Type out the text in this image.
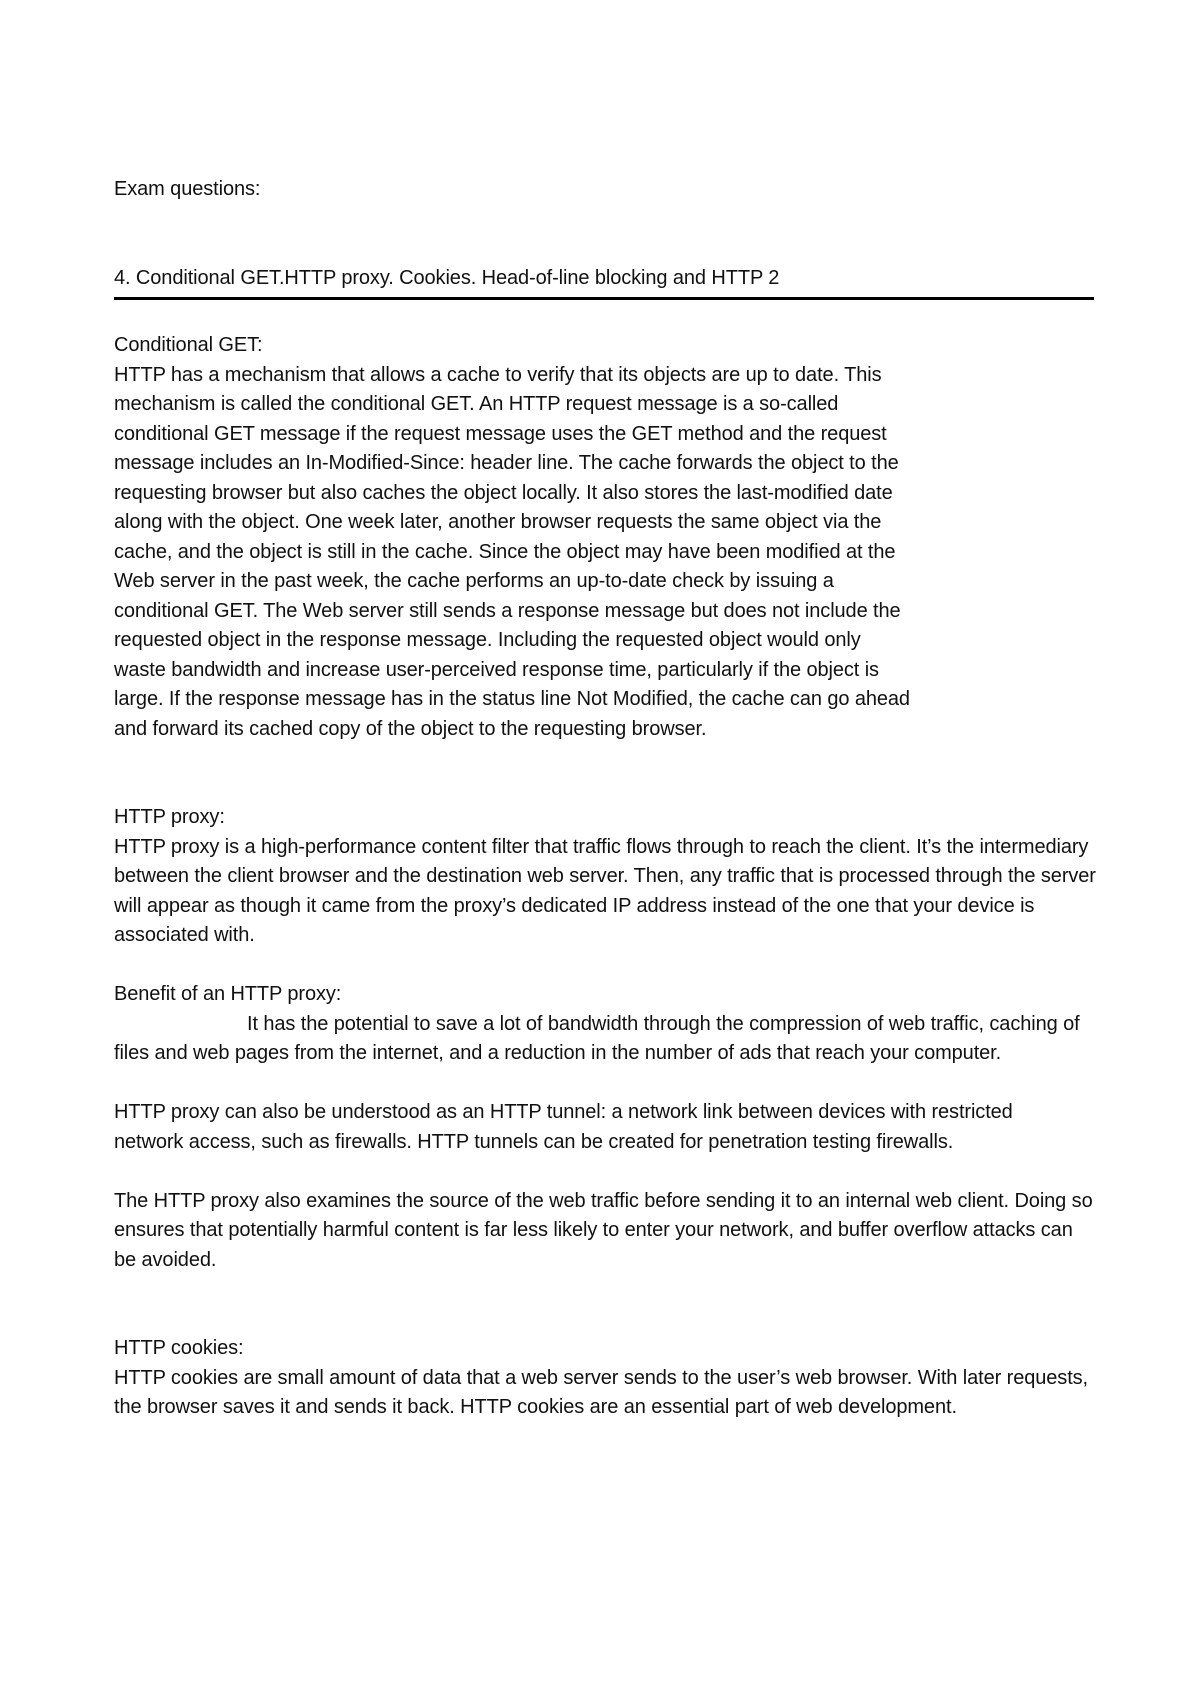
Exam questions:
4. Conditional GET.HTTP proxy. Cookies. Head-of-line blocking and HTTP 2

Conditional GET:

HTTP has a mechanism that allows a cache to verify that its objects are up to date. This mechanism is called the conditional GET. An HTTP request message is a so-called conditional GET message if the request message uses the GET method and the request message includes an In-Modified-Since: header line. The cache forwards the object to the requesting browser but also caches the object locally. It also stores the last-modified date along with the object. One week later, another browser requests the same object via the cache, and the object is still in the cache. Since the object may have been modified at the Web server in the past week, the cache performs an up-to-date check by issuing a conditional GET. The Web server still sends a response message but does not include the requested object in the response message. Including the requested object would only waste bandwidth and increase user-perceived response time, particularly if the object is large. If the response message has in the status line Not Modified, the cache can go ahead and forward its cached copy of the object to the requesting browser.

HTTP proxy:

HTTP proxy is a high-performance content filter that traffic flows through to reach the client. It’s the intermediary between the client browser and the destination web server. Then, any traffic that is processed through the server will appear as though it came from the proxy’s dedicated IP address instead of the one that your device is associated with.

Benefit of an HTTP proxy:

It has the potential to save a lot of bandwidth through the compression of web traffic, caching of files and web pages from the internet, and a reduction in the number of ads that reach your computer.

HTTP proxy can also be understood as an HTTP tunnel: a network link between devices with restricted network access, such as firewalls. HTTP tunnels can be created for penetration testing firewalls.

The HTTP proxy also examines the source of the web traffic before sending it to an internal web client. Doing so ensures that potentially harmful content is far less likely to enter your network, and buffer overflow attacks can be avoided.

HTTP cookies:

HTTP cookies are small amount of data that a web server sends to the user’s web browser. With later requests, the browser saves it and sends it back. HTTP cookies are an essential part of web development.
